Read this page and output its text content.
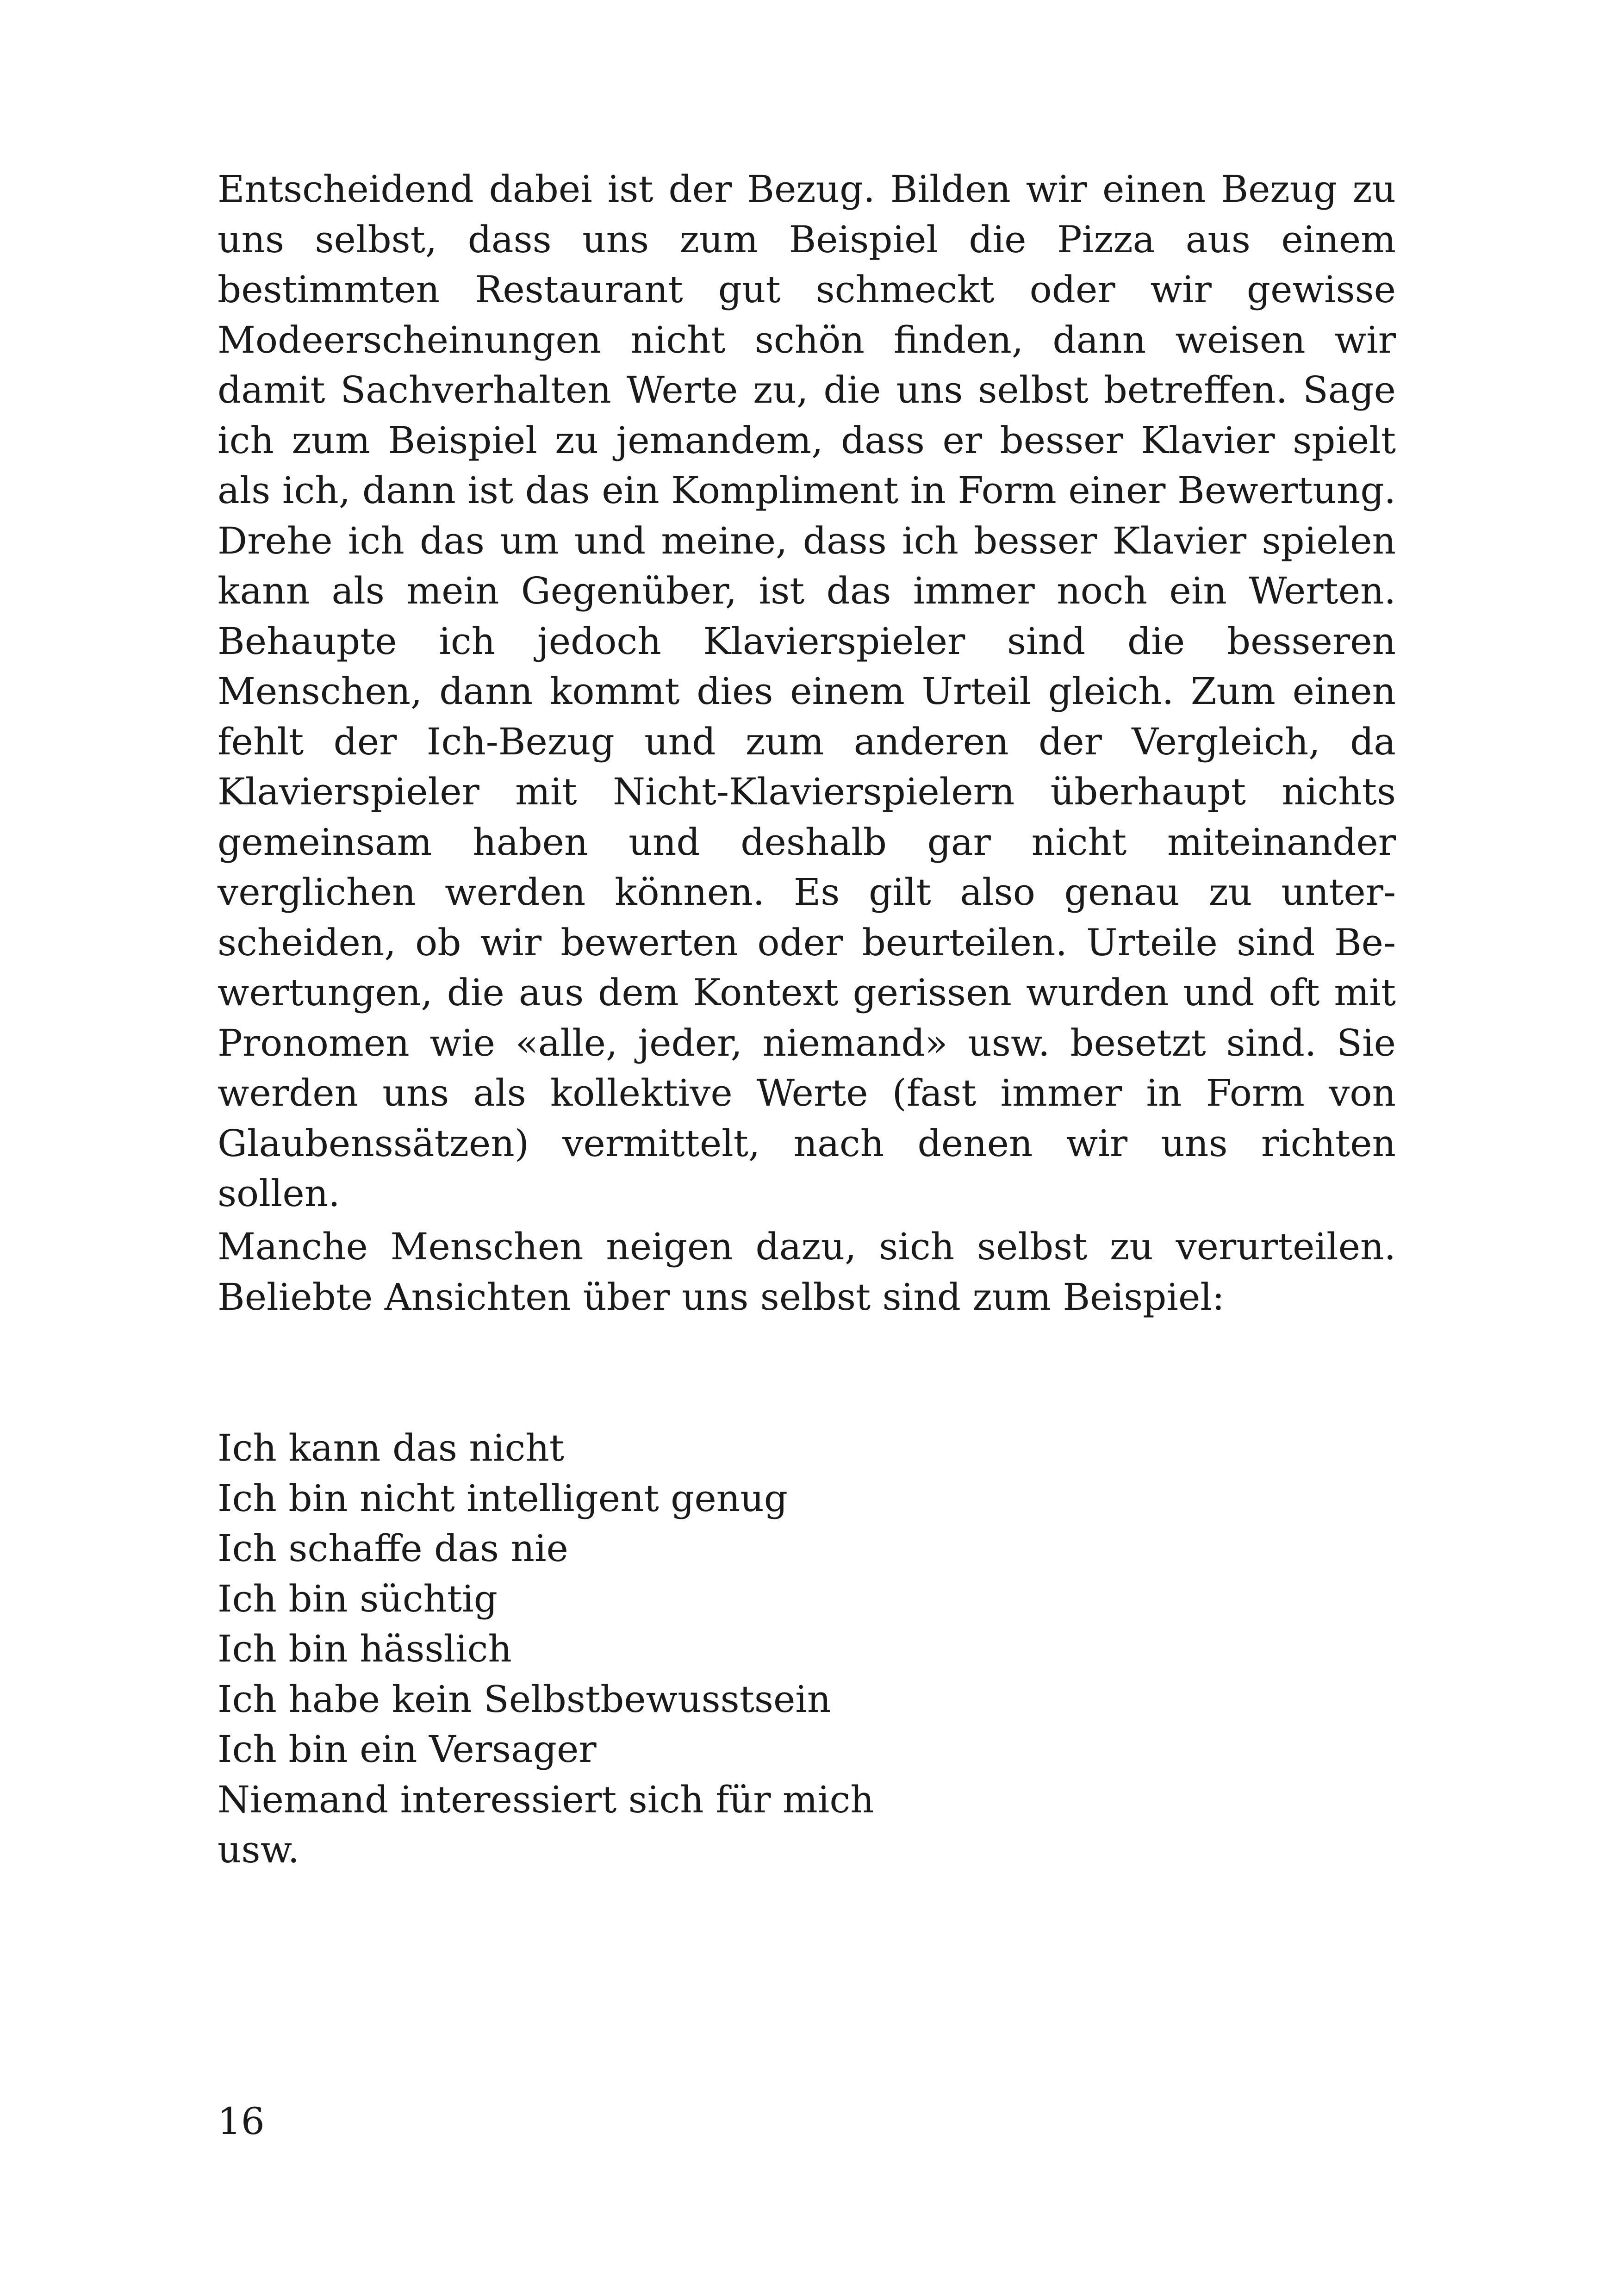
Entscheidend dabei ist der Bezug. Bilden wir einen Bezug zu uns selbst, dass uns zum Beispiel die Pizza aus einem bestimmten Restaurant gut schmeckt oder wir gewisse Modeerscheinungen nicht schön finden, dann weisen wir damit Sachverhalten Werte zu, die uns selbst betreffen. Sage ich zum Beispiel zu jemandem, dass er besser Klavier spielt als ich, dann ist das ein Kompliment in Form einer Bewertung. Drehe ich das um und meine, dass ich besser Klavier spielen kann als mein Gegenüber, ist das immer noch ein Werten. Behaupte ich jedoch Klavierspieler sind die besseren Menschen, dann kommt dies einem Urteil gleich. Zum einen fehlt der Ich-Bezug und zum anderen der Vergleich, da Klavierspieler mit Nicht-Klavierspielern überhaupt nichts gemeinsam haben und deshalb gar nicht miteinander verglichen werden können. Es gilt also genau zu unterscheiden, ob wir bewerten oder beurteilen. Urteile sind Bewertungen, die aus dem Kontext gerissen wurden und oft mit Pronomen wie «alle, jeder, niemand» usw. besetzt sind. Sie werden uns als kollektive Werte (fast immer in Form von Glaubenssätzen) vermittelt, nach denen wir uns richten sollen.

Manche Menschen neigen dazu, sich selbst zu verurteilen. Beliebte Ansichten über uns selbst sind zum Beispiel:

Ich kann das nicht
Ich bin nicht intelligent genug
Ich schaffe das nie
Ich bin süchtig
Ich bin hässlich
Ich habe kein Selbstbewusstsein
Ich bin ein Versager
Niemand interessiert sich für mich
usw.
16
